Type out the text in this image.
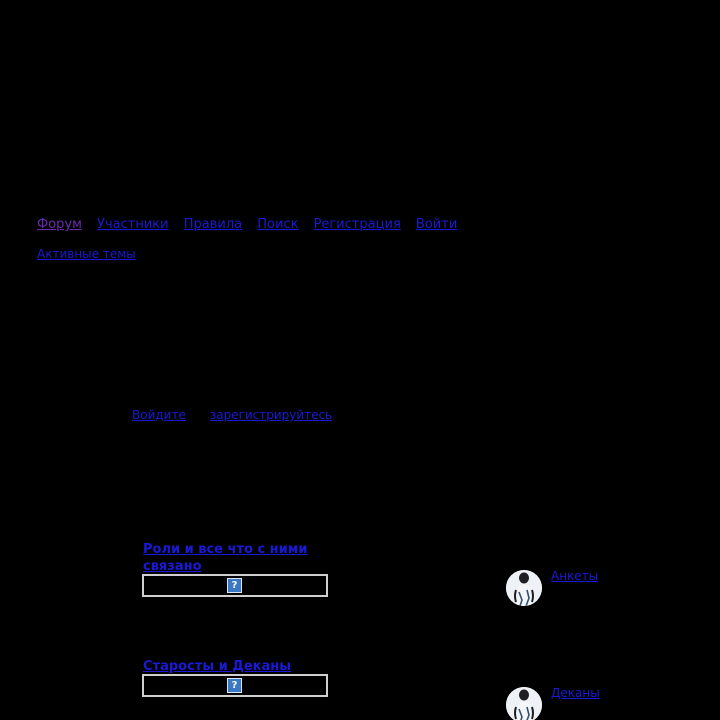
Форум Участники Правила Поиск Регистрация Войти
Активные темы
Войдите зарегистрируйтесь
Роли и все что с ними связано
?
Анкеты
Старосты и Деканы
?
Деканы
